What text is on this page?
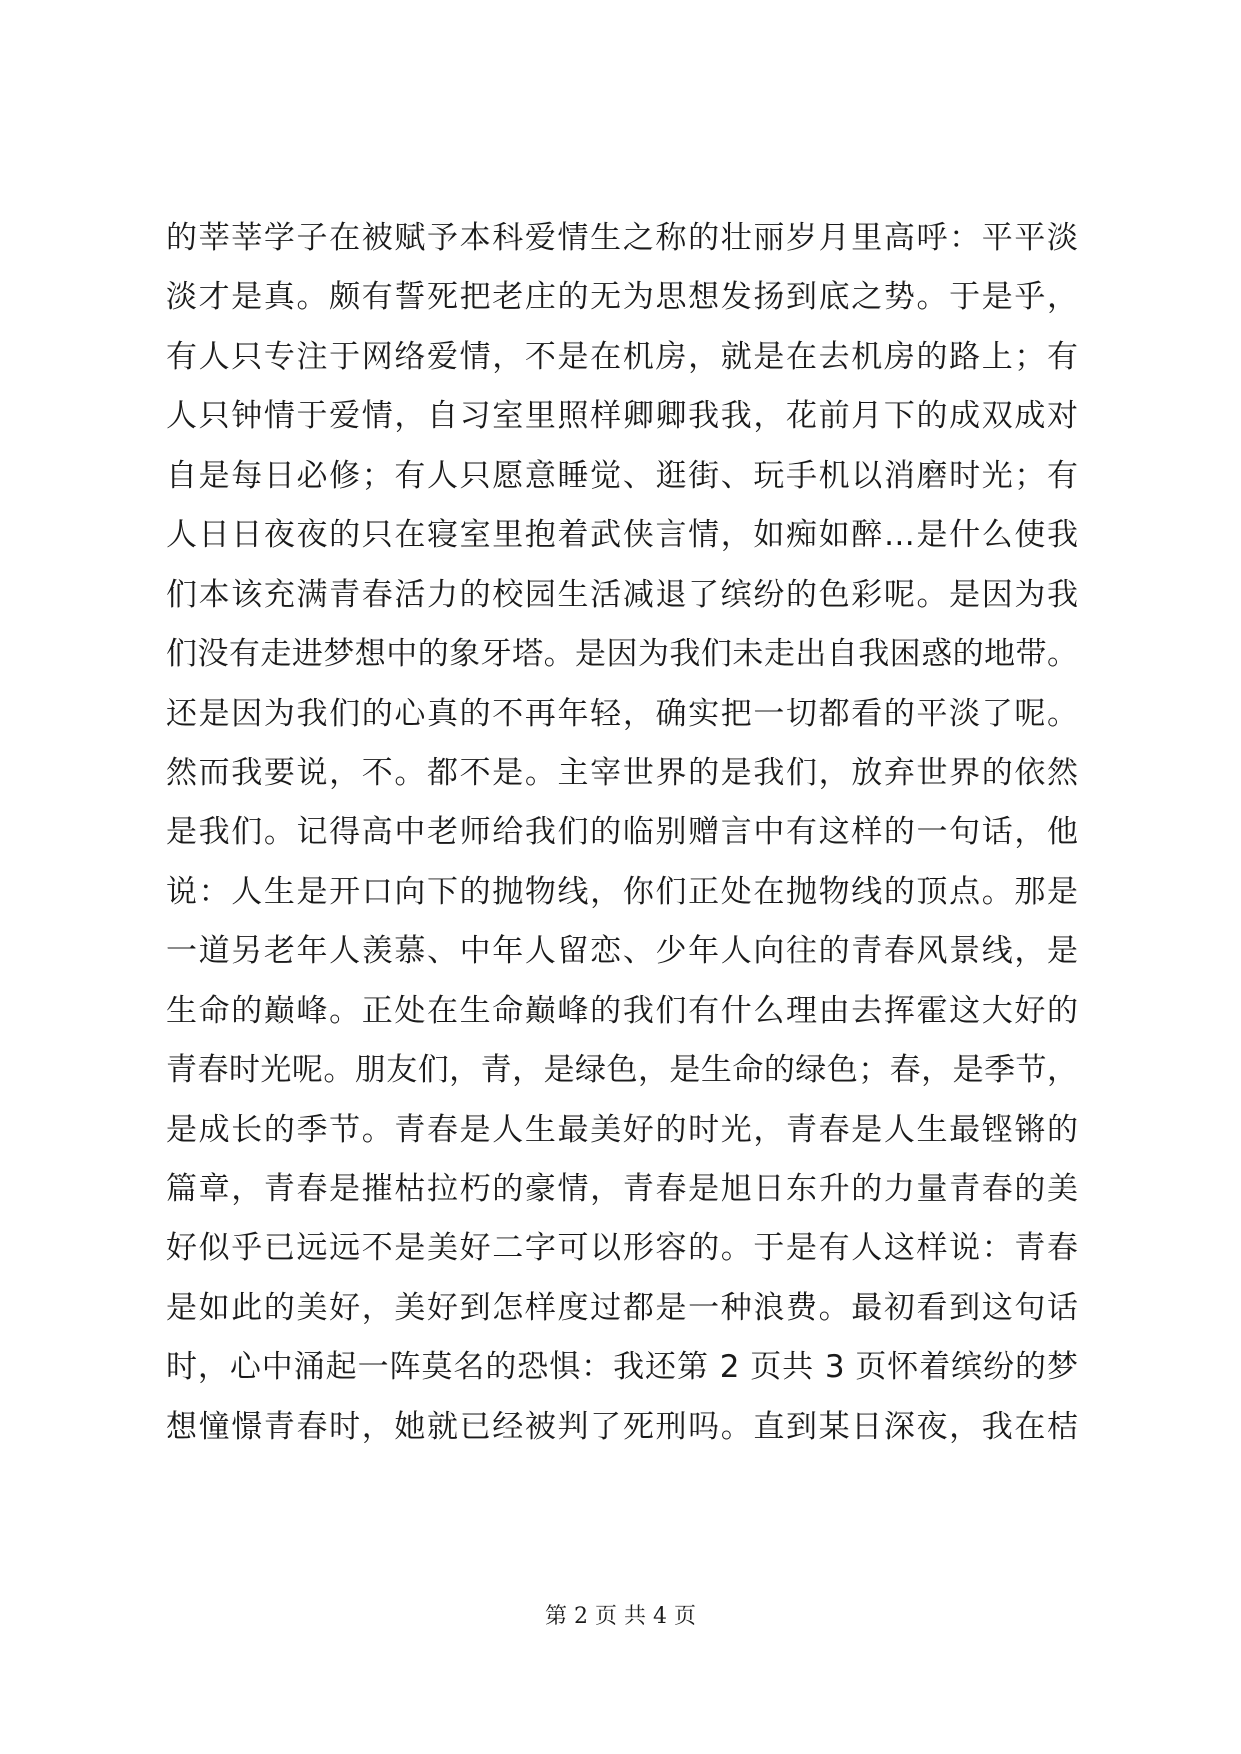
的莘莘学子在被赋予本科爱情生之称的壮丽岁月里高呼：平平淡
淡才是真。颇有誓死把老庄的无为思想发扬到底之势。于是乎，
有人只专注于网络爱情，不是在机房，就是在去机房的路上；有
人只钟情于爱情，自习室里照样卿卿我我，花前月下的成双成对
自是每日必修；有人只愿意睡觉、逛街、玩手机以消磨时光；有
人日日夜夜的只在寝室里抱着武侠言情，如痴如醉…是什么使我
们本该充满青春活力的校园生活减退了缤纷的色彩呢。是因为我
们没有走进梦想中的象牙塔。是因为我们未走出自我困惑的地带。
还是因为我们的心真的不再年轻，确实把一切都看的平淡了呢。
然而我要说，不。都不是。主宰世界的是我们，放弃世界的依然
是我们。记得高中老师给我们的临别赠言中有这样的一句话，他
说：人生是开口向下的抛物线，你们正处在抛物线的顶点。那是
一道另老年人羡慕、中年人留恋、少年人向往的青春风景线，是
生命的巅峰。正处在生命巅峰的我们有什么理由去挥霍这大好的
青春时光呢。朋友们，青，是绿色，是生命的绿色；春，是季节，
是成长的季节。青春是人生最美好的时光，青春是人生最铿锵的
篇章，青春是摧枯拉朽的豪情，青春是旭日东升的力量青春的美
好似乎已远远不是美好二字可以形容的。于是有人这样说：青春
是如此的美好，美好到怎样度过都是一种浪费。最初看到这句话
时，心中涌起一阵莫名的恐惧：我还第 2 页共 3 页怀着缤纷的梦
想憧憬青春时，她就已经被判了死刑吗。直到某日深夜，我在桔
第 2 页 共 4 页
